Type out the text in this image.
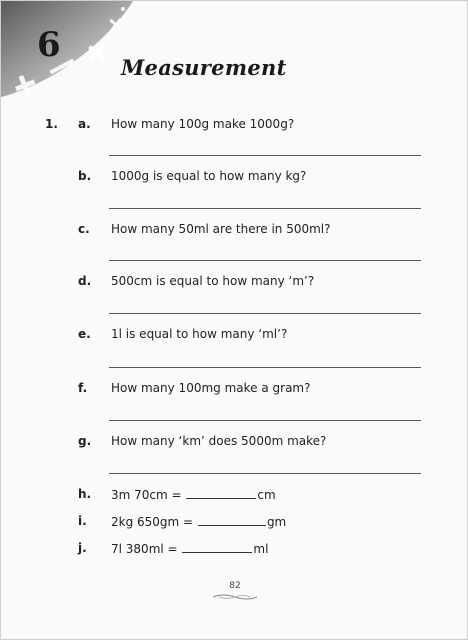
6
Measurement
1. a. How many 100g make 1000g?
b. 1000g is equal to how many kg?
c. How many 50ml are there in 500ml?
d. 500cm is equal to how many ‘m’?
e. 1l is equal to how many ‘ml’?
f. How many 100mg make a gram?
g. How many ‘km’ does 5000m make?
h. 3m 70cm =	cm
i. 2kg 650gm =	gm
j. 7l 380ml =	ml
82
